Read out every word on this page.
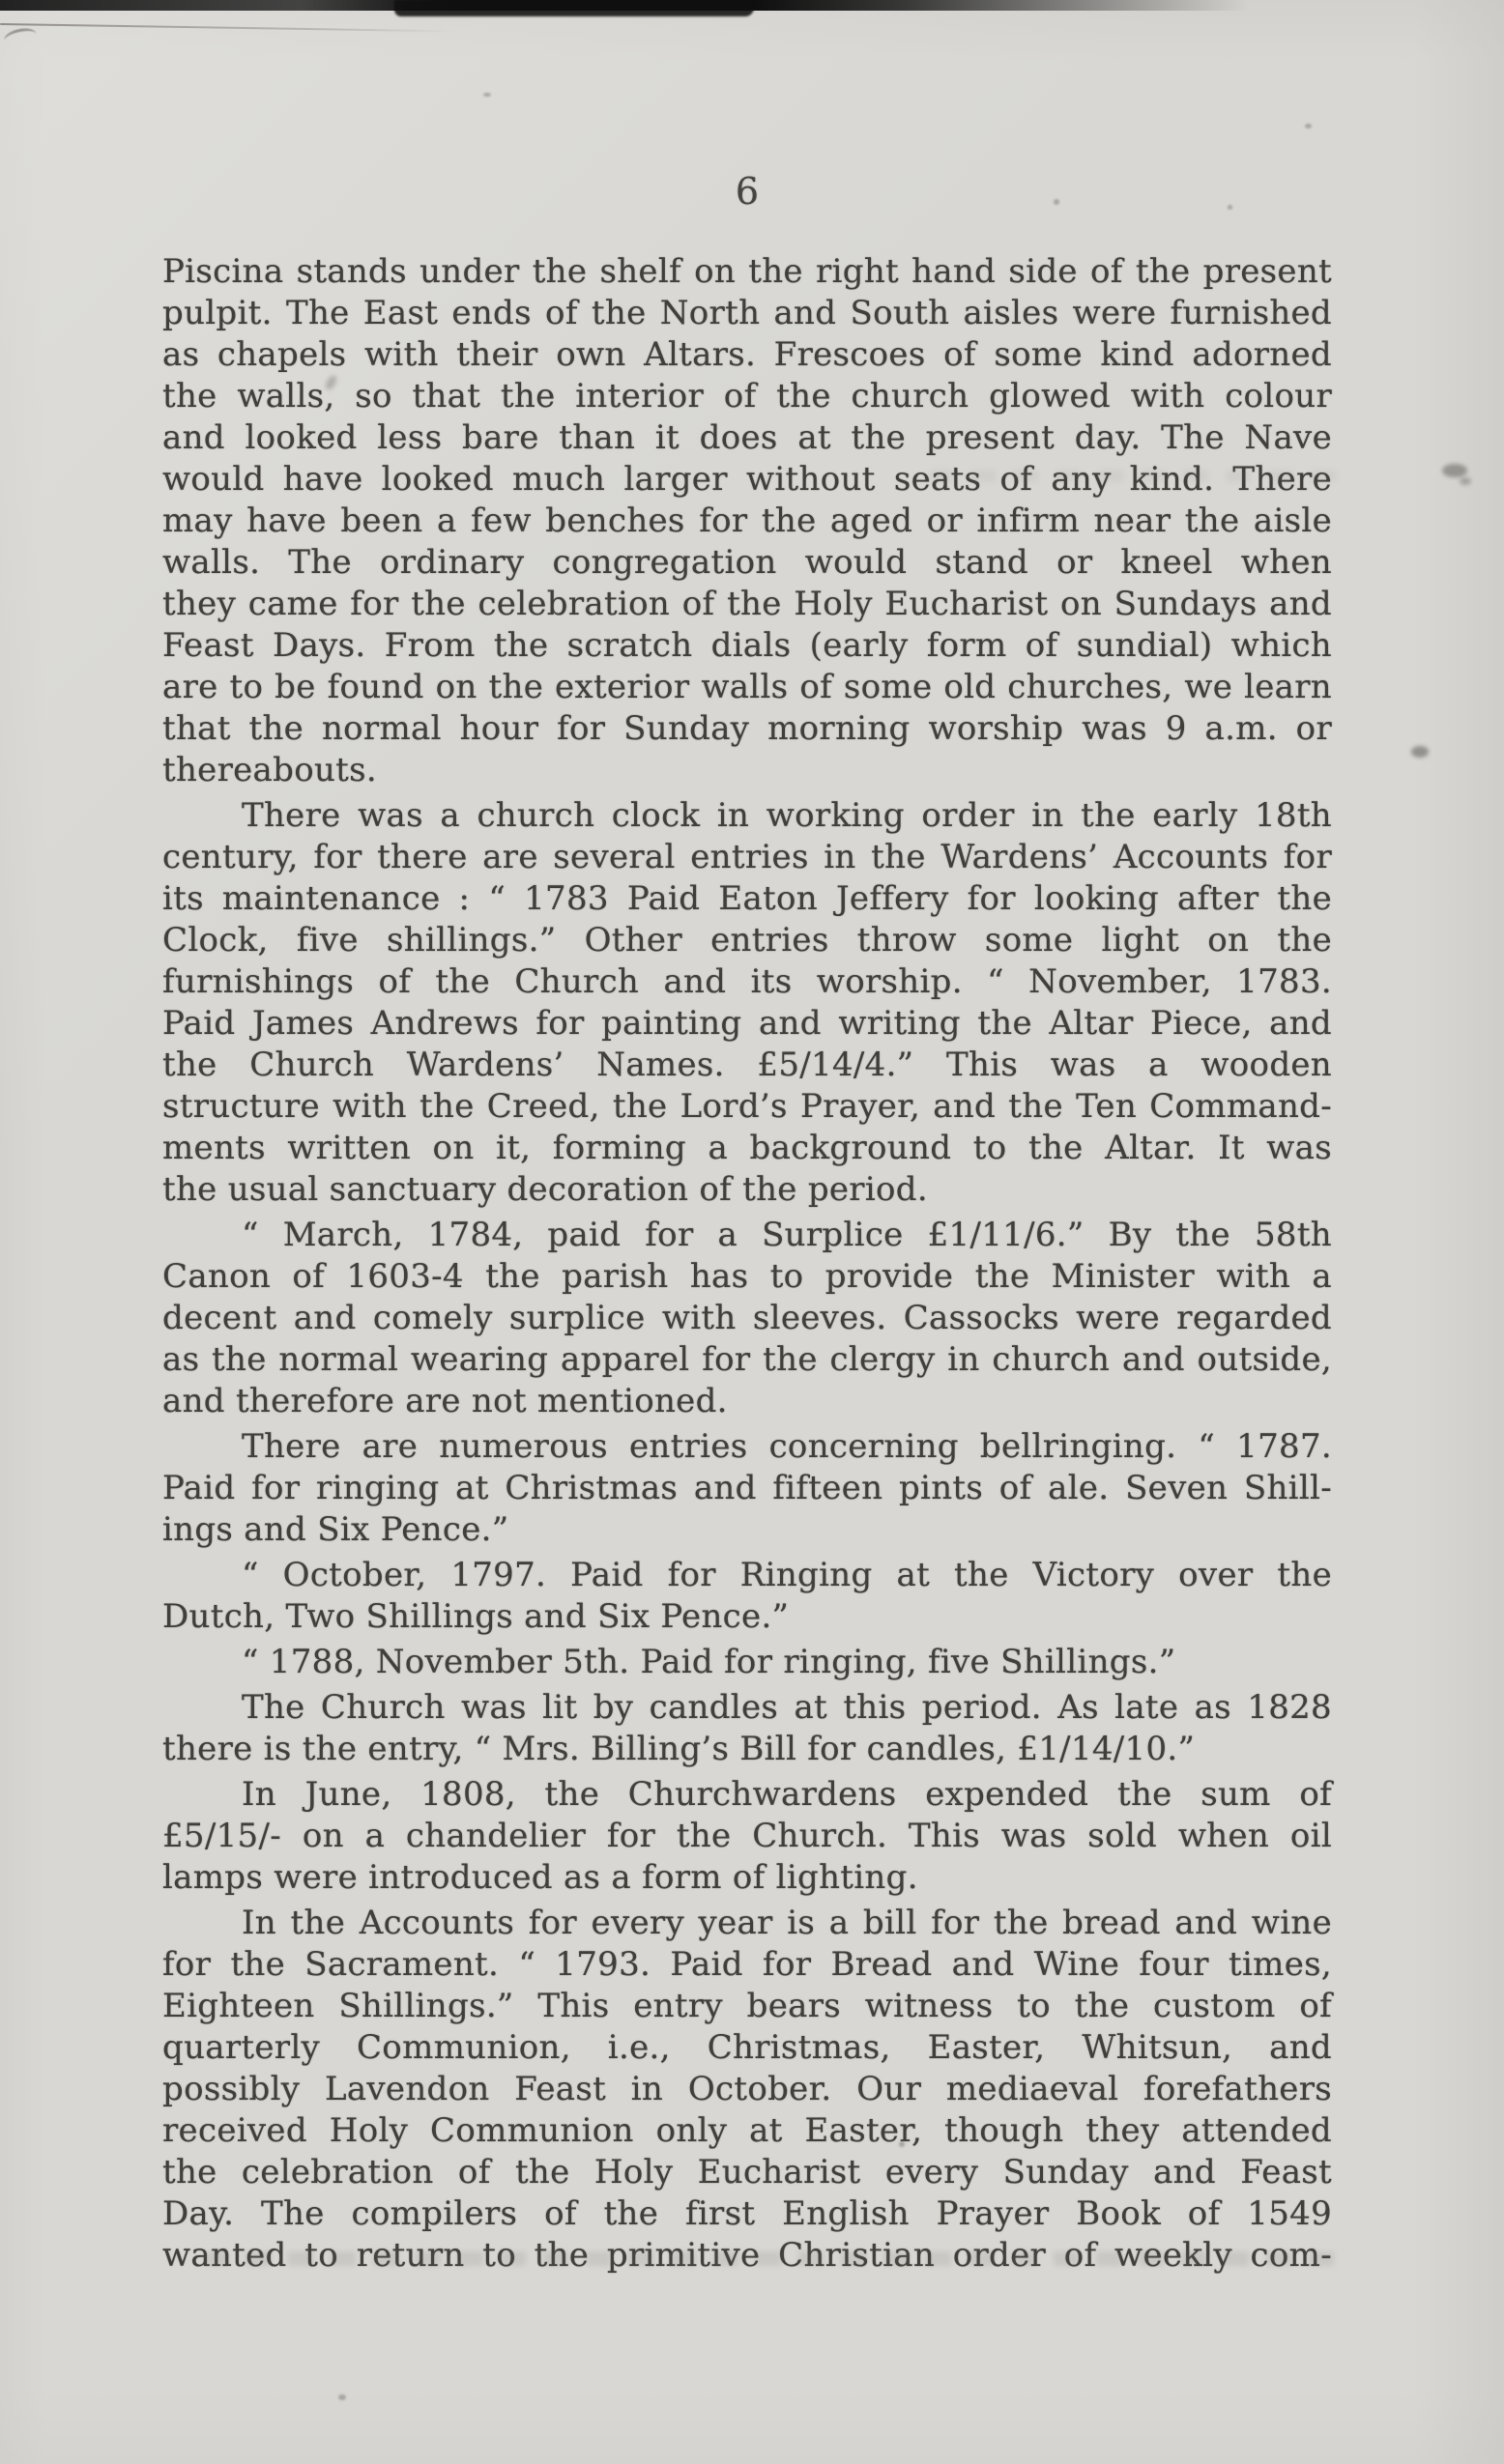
6
Piscina stands under the shelf on the right hand side of the present
pulpit. The East ends of the North and South aisles were furnished
as chapels with their own Altars. Frescoes of some kind adorned
the walls, so that the interior of the church glowed with colour
and looked less bare than it does at the present day. The Nave
would have looked much larger without seats of any kind. There
may have been a few benches for the aged or infirm near the aisle
walls. The ordinary congregation would stand or kneel when
they came for the celebration of the Holy Eucharist on Sundays and
Feast Days. From the scratch dials (early form of sundial) which
are to be found on the exterior walls of some old churches, we learn
that the normal hour for Sunday morning worship was 9 a.m. or
thereabouts.
There was a church clock in working order in the early 18th
century, for there are several entries in the Wardens’ Accounts for
its maintenance : “ 1783 Paid Eaton Jeffery for looking after the
Clock, five shillings.” Other entries throw some light on the
furnishings of the Church and its worship. “ November, 1783.
Paid James Andrews for painting and writing the Altar Piece, and
the Church Wardens’ Names. £5/14/4.” This was a wooden
structure with the Creed, the Lord’s Prayer, and the Ten Command-
ments written on it, forming a background to the Altar. It was
the usual sanctuary decoration of the period.
“ March, 1784, paid for a Surplice £1/11/6.” By the 58th
Canon of 1603-4 the parish has to provide the Minister with a
decent and comely surplice with sleeves. Cassocks were regarded
as the normal wearing apparel for the clergy in church and outside,
and therefore are not mentioned.
There are numerous entries concerning bellringing. “ 1787.
Paid for ringing at Christmas and fifteen pints of ale. Seven Shill-
ings and Six Pence.”
“ October, 1797. Paid for Ringing at the Victory over the
Dutch, Two Shillings and Six Pence.”
“ 1788, November 5th. Paid for ringing, five Shillings.”
The Church was lit by candles at this period. As late as 1828
there is the entry, “ Mrs. Billing’s Bill for candles, £1/14/10.”
In June, 1808, the Churchwardens expended the sum of
£5/15/- on a chandelier for the Church. This was sold when oil
lamps were introduced as a form of lighting.
In the Accounts for every year is a bill for the bread and wine
for the Sacrament. “ 1793. Paid for Bread and Wine four times,
Eighteen Shillings.” This entry bears witness to the custom of
quarterly Communion, i.e., Christmas, Easter, Whitsun, and
possibly Lavendon Feast in October. Our mediaeval forefathers
received Holy Communion only at Easter, though they attended
the celebration of the Holy Eucharist every Sunday and Feast
Day. The compilers of the first English Prayer Book of 1549
wanted to return to the primitive Christian order of weekly com-
